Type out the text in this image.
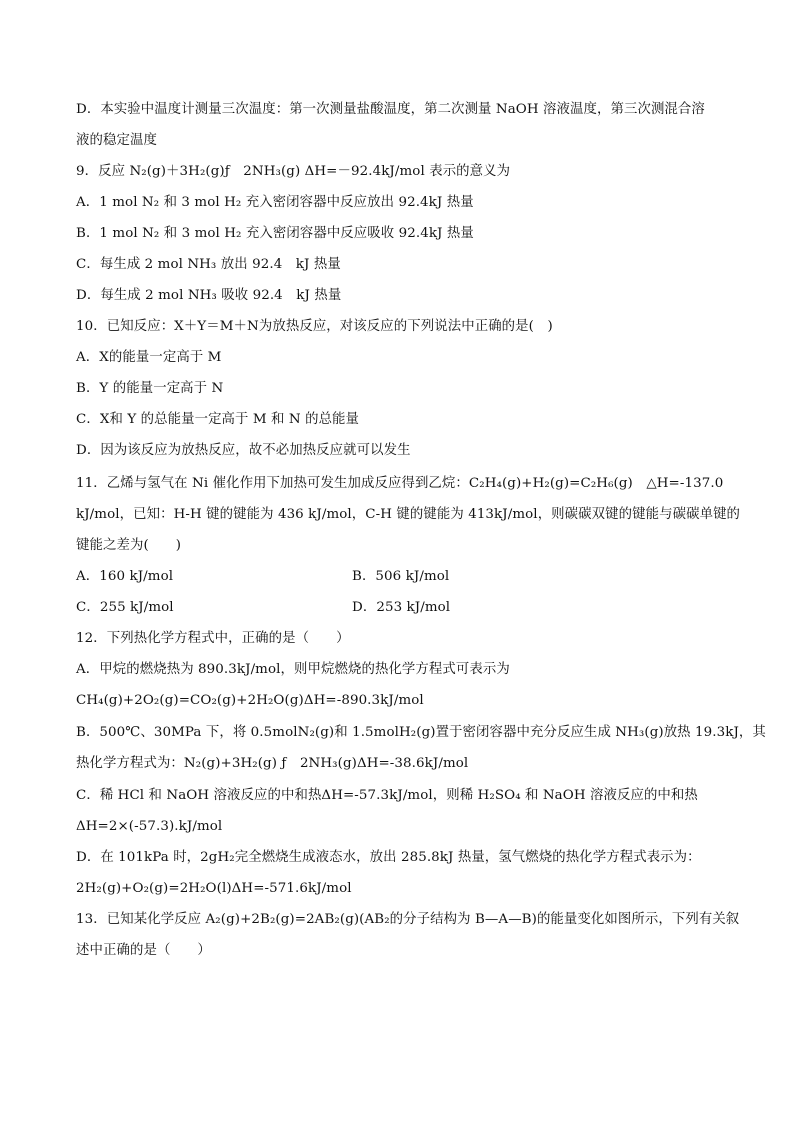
D．本实验中温度计测量三次温度：第一次测量盐酸温度，第二次测量 NaOH 溶液温度，第三次测混合溶
液的稳定温度
9．反应 N₂(g)＋3H₂(g)ƒ　2NH₃(g) ΔH=－92.4kJ/mol 表示的意义为
A．1 mol N₂ 和 3 mol H₂ 充入密闭容器中反应放出 92.4kJ 热量
B．1 mol N₂ 和 3 mol H₂ 充入密闭容器中反应吸收 92.4kJ 热量
C．每生成 2 mol NH₃ 放出 92.4　kJ 热量
D．每生成 2 mol NH₃ 吸收 92.4　kJ 热量
10．已知反应：X＋Y＝M＋N为放热反应，对该反应的下列说法中正确的是(　)
A．X的能量一定高于 M
B．Y 的能量一定高于 N
C．X和 Y 的总能量一定高于 M 和 N 的总能量
D．因为该反应为放热反应，故不必加热反应就可以发生
11．乙烯与氢气在 Ni 催化作用下加热可发生加成反应得到乙烷：C₂H₄(g)+H₂(g)=C₂H₆(g)　△H=-137.0
kJ/mol，已知：H-H 键的键能为 436 kJ/mol，C-H 键的键能为 413kJ/mol，则碳碳双键的键能与碳碳单键的
键能之差为(　　)
A．160 kJ/mol	B．506 kJ/mol
C．255 kJ/mol	D．253 kJ/mol
12．下列热化学方程式中，正确的是（　　）
A．甲烷的燃烧热为 890.3kJ/mol，则甲烷燃烧的热化学方程式可表示为
CH₄(g)+2O₂(g)=CO₂(g)+2H₂O(g)ΔH=-890.3kJ/mol
B．500℃、30MPa 下，将 0.5molN₂(g)和 1.5molH₂(g)置于密闭容器中充分反应生成 NH₃(g)放热 19.3kJ，其
热化学方程式为：N₂(g)+3H₂(g) ƒ　2NH₃(g)ΔH=-38.6kJ/mol
C．稀 HCl 和 NaOH 溶液反应的中和热ΔH=-57.3kJ/mol，则稀 H₂SO₄ 和 NaOH 溶液反应的中和热
ΔH=2×(-57.3).kJ/mol
D．在 101kPa 时，2gH₂完全燃烧生成液态水，放出 285.8kJ 热量，氢气燃烧的热化学方程式表示为：
2H₂(g)+O₂(g)=2H₂O(l)ΔH=-571.6kJ/mol
13．已知某化学反应 A₂(g)+2B₂(g)=2AB₂(g)(AB₂的分子结构为 B—A—B)的能量变化如图所示，下列有关叙
述中正确的是（　　）
